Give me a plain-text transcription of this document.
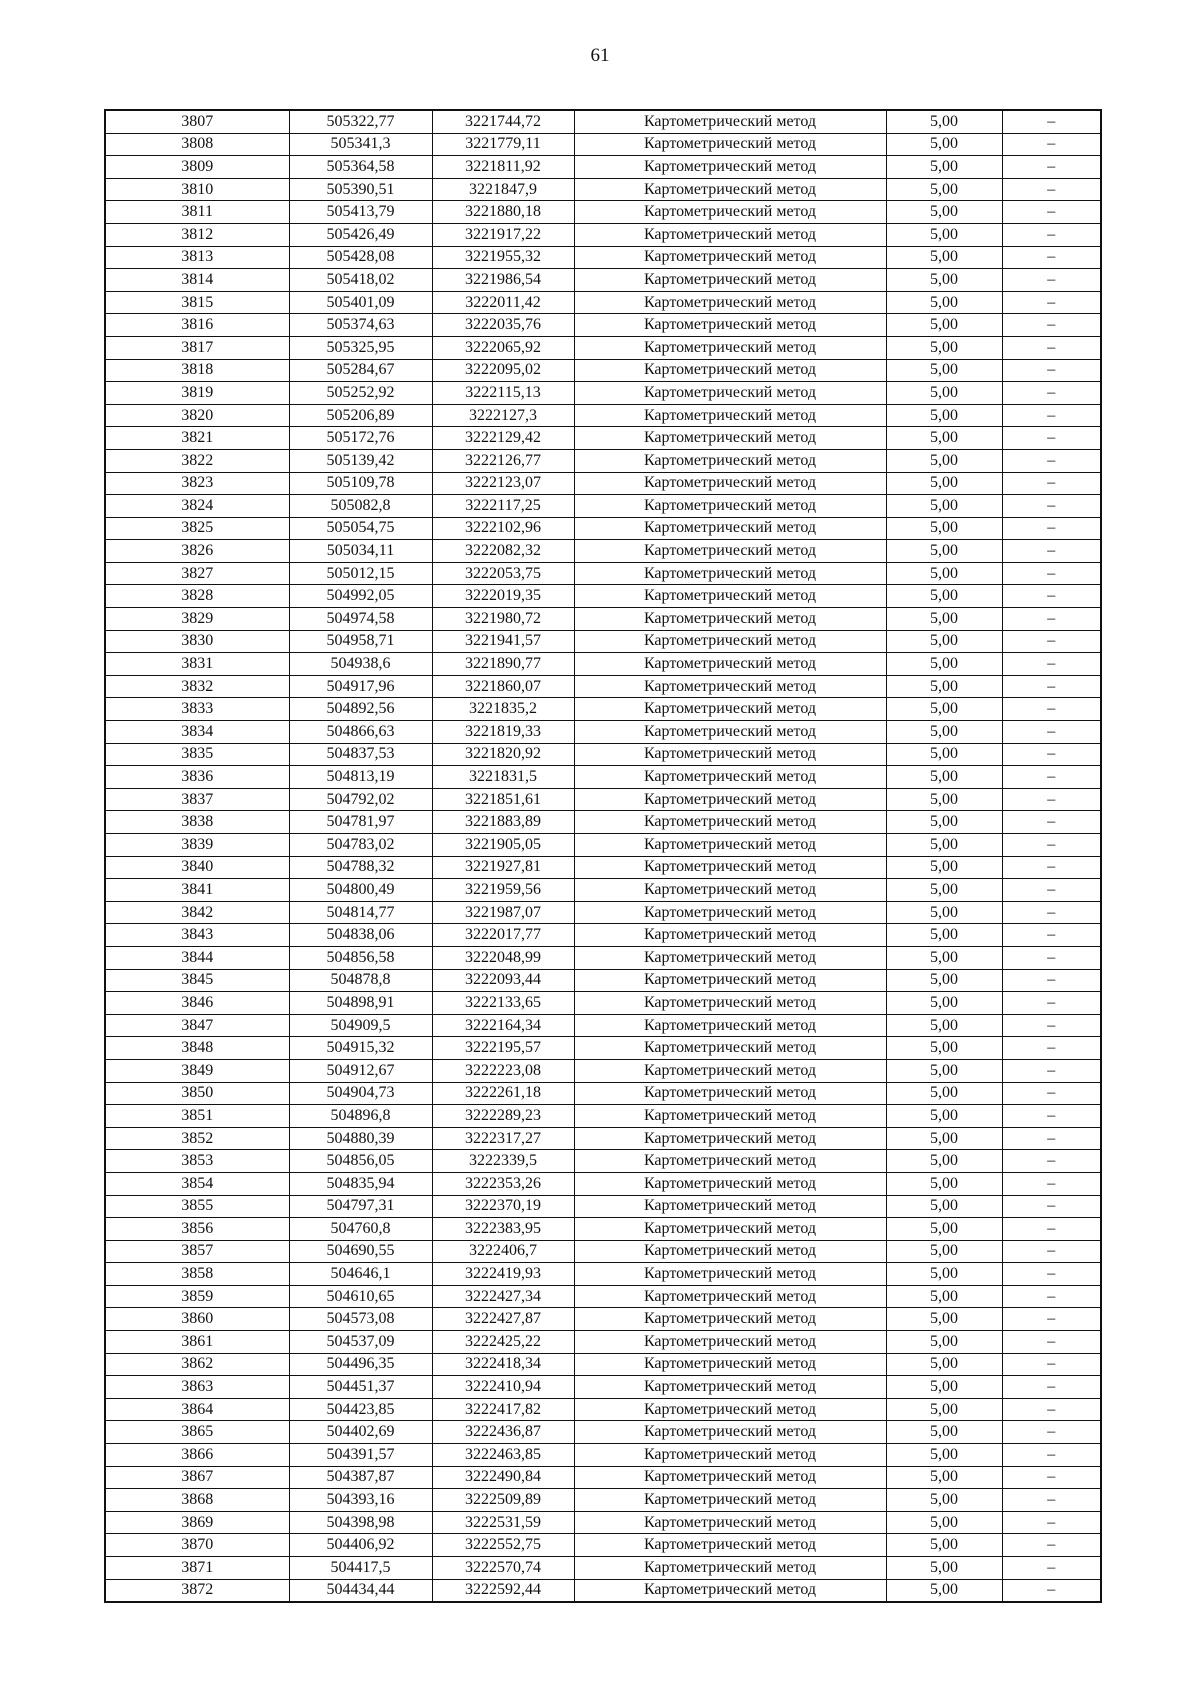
61
3807	505322,77	3221744,72	Картометрический метод	5,00	–
3808	505341,3	3221779,11	Картометрический метод	5,00	–
3809	505364,58	3221811,92	Картометрический метод	5,00	–
3810	505390,51	3221847,9	Картометрический метод	5,00	–
3811	505413,79	3221880,18	Картометрический метод	5,00	–
3812	505426,49	3221917,22	Картометрический метод	5,00	–
3813	505428,08	3221955,32	Картометрический метод	5,00	–
3814	505418,02	3221986,54	Картометрический метод	5,00	–
3815	505401,09	3222011,42	Картометрический метод	5,00	–
3816	505374,63	3222035,76	Картометрический метод	5,00	–
3817	505325,95	3222065,92	Картометрический метод	5,00	–
3818	505284,67	3222095,02	Картометрический метод	5,00	–
3819	505252,92	3222115,13	Картометрический метод	5,00	–
3820	505206,89	3222127,3	Картометрический метод	5,00	–
3821	505172,76	3222129,42	Картометрический метод	5,00	–
3822	505139,42	3222126,77	Картометрический метод	5,00	–
3823	505109,78	3222123,07	Картометрический метод	5,00	–
3824	505082,8	3222117,25	Картометрический метод	5,00	–
3825	505054,75	3222102,96	Картометрический метод	5,00	–
3826	505034,11	3222082,32	Картометрический метод	5,00	–
3827	505012,15	3222053,75	Картометрический метод	5,00	–
3828	504992,05	3222019,35	Картометрический метод	5,00	–
3829	504974,58	3221980,72	Картометрический метод	5,00	–
3830	504958,71	3221941,57	Картометрический метод	5,00	–
3831	504938,6	3221890,77	Картометрический метод	5,00	–
3832	504917,96	3221860,07	Картометрический метод	5,00	–
3833	504892,56	3221835,2	Картометрический метод	5,00	–
3834	504866,63	3221819,33	Картометрический метод	5,00	–
3835	504837,53	3221820,92	Картометрический метод	5,00	–
3836	504813,19	3221831,5	Картометрический метод	5,00	–
3837	504792,02	3221851,61	Картометрический метод	5,00	–
3838	504781,97	3221883,89	Картометрический метод	5,00	–
3839	504783,02	3221905,05	Картометрический метод	5,00	–
3840	504788,32	3221927,81	Картометрический метод	5,00	–
3841	504800,49	3221959,56	Картометрический метод	5,00	–
3842	504814,77	3221987,07	Картометрический метод	5,00	–
3843	504838,06	3222017,77	Картометрический метод	5,00	–
3844	504856,58	3222048,99	Картометрический метод	5,00	–
3845	504878,8	3222093,44	Картометрический метод	5,00	–
3846	504898,91	3222133,65	Картометрический метод	5,00	–
3847	504909,5	3222164,34	Картометрический метод	5,00	–
3848	504915,32	3222195,57	Картометрический метод	5,00	–
3849	504912,67	3222223,08	Картометрический метод	5,00	–
3850	504904,73	3222261,18	Картометрический метод	5,00	–
3851	504896,8	3222289,23	Картометрический метод	5,00	–
3852	504880,39	3222317,27	Картометрический метод	5,00	–
3853	504856,05	3222339,5	Картометрический метод	5,00	–
3854	504835,94	3222353,26	Картометрический метод	5,00	–
3855	504797,31	3222370,19	Картометрический метод	5,00	–
3856	504760,8	3222383,95	Картометрический метод	5,00	–
3857	504690,55	3222406,7	Картометрический метод	5,00	–
3858	504646,1	3222419,93	Картометрический метод	5,00	–
3859	504610,65	3222427,34	Картометрический метод	5,00	–
3860	504573,08	3222427,87	Картометрический метод	5,00	–
3861	504537,09	3222425,22	Картометрический метод	5,00	–
3862	504496,35	3222418,34	Картометрический метод	5,00	–
3863	504451,37	3222410,94	Картометрический метод	5,00	–
3864	504423,85	3222417,82	Картометрический метод	5,00	–
3865	504402,69	3222436,87	Картометрический метод	5,00	–
3866	504391,57	3222463,85	Картометрический метод	5,00	–
3867	504387,87	3222490,84	Картометрический метод	5,00	–
3868	504393,16	3222509,89	Картометрический метод	5,00	–
3869	504398,98	3222531,59	Картометрический метод	5,00	–
3870	504406,92	3222552,75	Картометрический метод	5,00	–
3871	504417,5	3222570,74	Картометрический метод	5,00	–
3872	504434,44	3222592,44	Картометрический метод	5,00	–
